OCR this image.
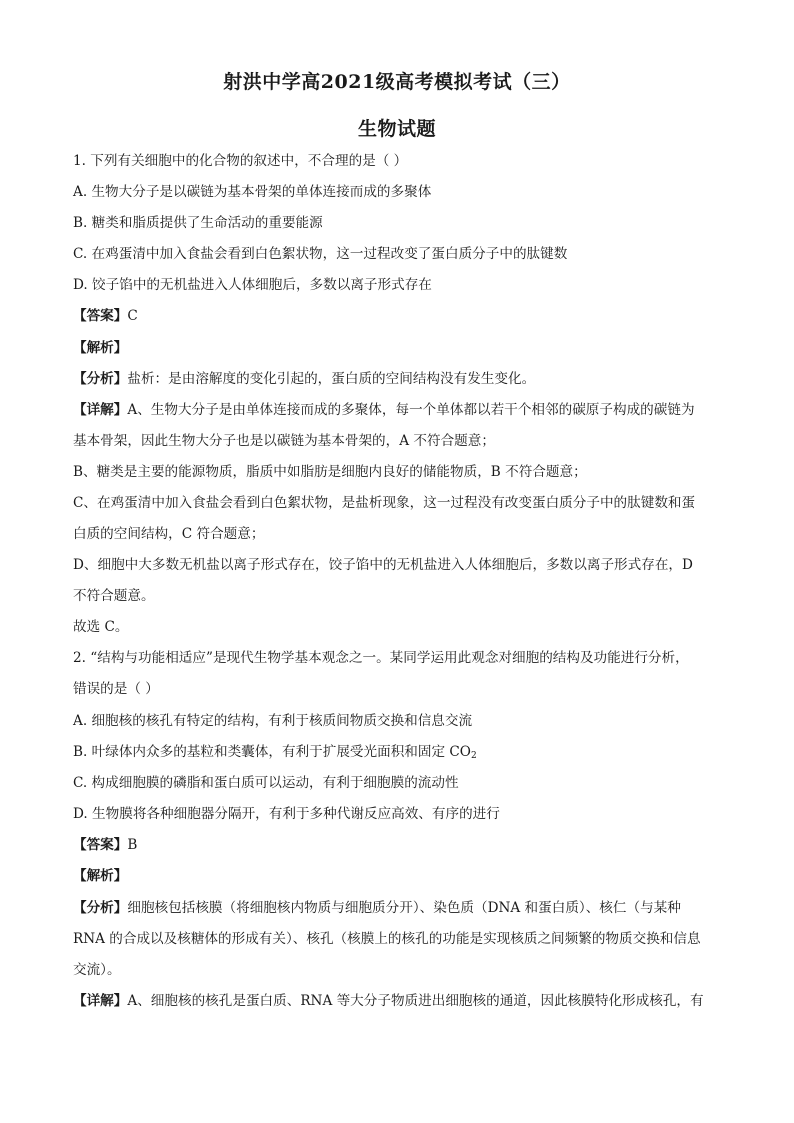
射洪中学高2021级高考模拟考试（三）
生物试题
1. 下列有关细胞中的化合物的叙述中，不合理的是（ ）
A. 生物大分子是以碳链为基本骨架的单体连接而成的多聚体
B. 糖类和脂质提供了生命活动的重要能源
C. 在鸡蛋清中加入食盐会看到白色絮状物，这一过程改变了蛋白质分子中的肽键数
D. 饺子馅中的无机盐进入人体细胞后，多数以离子形式存在
【答案】C
【解析】
【分析】盐析：是由溶解度的变化引起的，蛋白质的空间结构没有发生变化。
【详解】A、生物大分子是由单体连接而成的多聚体，每一个单体都以若干个相邻的碳原子构成的碳链为
基本骨架，因此生物大分子也是以碳链为基本骨架的，A 不符合题意；
B、糖类是主要的能源物质，脂质中如脂肪是细胞内良好的储能物质，B 不符合题意；
C、在鸡蛋清中加入食盐会看到白色絮状物，是盐析现象，这一过程没有改变蛋白质分子中的肽键数和蛋
白质的空间结构，C 符合题意；
D、细胞中大多数无机盐以离子形式存在，饺子馅中的无机盐进入人体细胞后，多数以离子形式存在，D
不符合题意。
故选 C。
2. “结构与功能相适应”是现代生物学基本观念之一。某同学运用此观念对细胞的结构及功能进行分析，
错误的是（ ）
A. 细胞核的核孔有特定的结构，有利于核质间物质交换和信息交流
B. 叶绿体内众多的基粒和类囊体，有利于扩展受光面积和固定 $CO_2$
C. 构成细胞膜的磷脂和蛋白质可以运动，有利于细胞膜的流动性
D. 生物膜将各种细胞器分隔开，有利于多种代谢反应高效、有序的进行
【答案】B
【解析】
【分析】细胞核包括核膜（将细胞核内物质与细胞质分开）、染色质（DNA 和蛋白质）、核仁（与某种
RNA 的合成以及核糖体的形成有关）、核孔（核膜上的核孔的功能是实现核质之间频繁的物质交换和信息
交流）。
【详解】A、细胞核的核孔是蛋白质、RNA 等大分子物质进出细胞核的通道，因此核膜特化形成核孔，有
